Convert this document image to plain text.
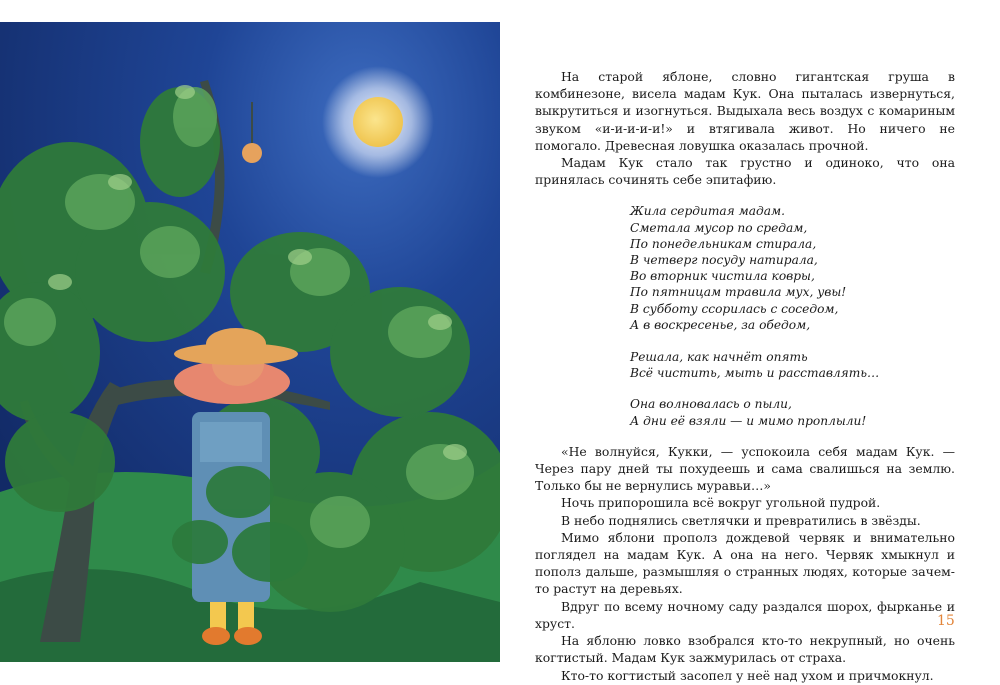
На старой яблоне, словно гигантская груша в комбинезоне, висела мадам Кук. Она пыталась извернуться, выкрутиться и изогнуться. Выдыхала весь воздух с комариным звуком «и-и-и-и-и!» и втягивала живот. Но ничего не помогало. Древесная ловушка оказалась прочной.

Мадам Кук стало так грустно и одиноко, что она принялась сочинять себе эпитафию.

Жила сердитая мадам.
Сметала мусор по средам,
По понедельникам стирала,
В четверг посуду натирала,
Во вторник чистила ковры,
По пятницам травила мух, увы!
В субботу ссорилась с соседом,
А в воскресенье, за обедом,
Решала, как начнёт опять
Всё чистить, мыть и расставлять…
Она волновалась о пыли,
А дни её взяли — и мимо проплыли!

«Не волнуйся, Кукки, — успокоила себя мадам Кук. — Через пару дней ты похудеешь и сама свалишься на землю. Только бы не вернулись муравьи…»

Ночь припорошила всё вокруг угольной пудрой.

В небо поднялись светлячки и превратились в звёзды.

Мимо яблони прополз дождевой червяк и внимательно поглядел на мадам Кук. А она на него. Червяк хмыкнул и пополз дальше, размышляя о странных людях, которые зачем-то растут на деревьях.

Вдруг по всему ночному саду раздался шорох, фырканье и хруст.

На яблоню ловко взобрался кто-то некрупный, но очень когтистый. Мадам Кук зажмурилась от страха.

Кто-то когтистый засопел у неё над ухом и причмокнул.

15
